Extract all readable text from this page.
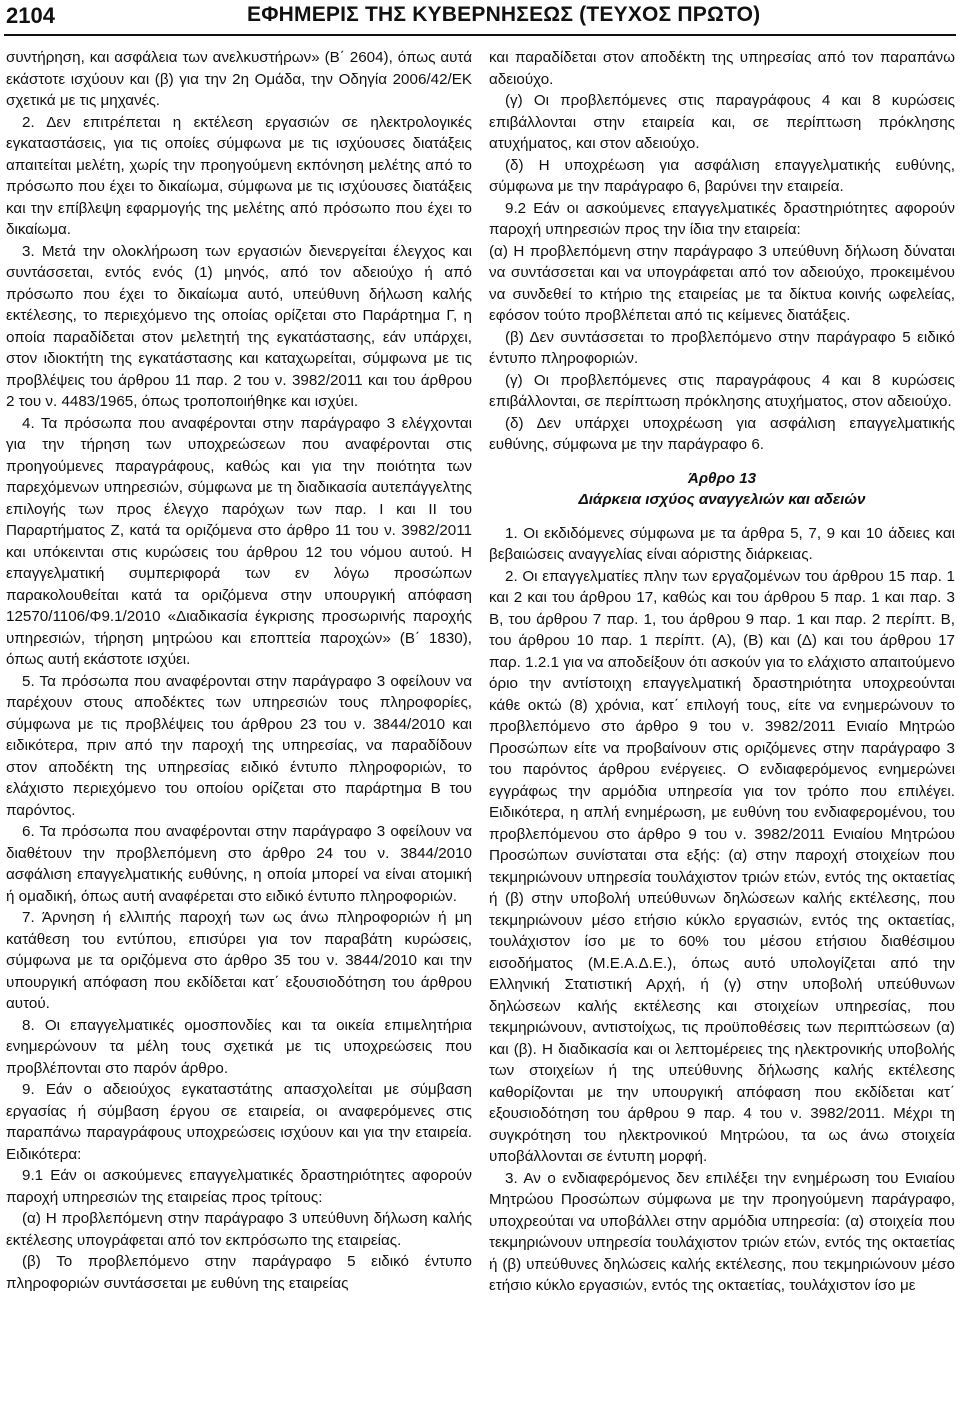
2104	ΕΦΗΜΕΡΙΣ ΤΗΣ ΚΥΒΕΡΝΗΣΕΩΣ (ΤΕΥΧΟΣ ΠΡΩΤΟ)

συντήρηση, και ασφάλεια των ανελκυστήρων» (Β΄ 2604), όπως αυτά εκάστοτε ισχύουν και (β) για την 2η Ομάδα, την Οδηγία 2006/42/ΕΚ σχετικά με τις μηχανές.

2. Δεν επιτρέπεται η εκτέλεση εργασιών σε ηλεκτρολογικές εγκαταστάσεις, για τις οποίες σύμφωνα με τις ισχύουσες διατάξεις απαιτείται μελέτη, χωρίς την προηγούμενη εκπόνηση μελέτης από το πρόσωπο που έχει το δικαίωμα, σύμφωνα με τις ισχύουσες διατάξεις και την επίβλεψη εφαρμογής της μελέτης από πρόσωπο που έχει το δικαίωμα.

3. Μετά την ολοκλήρωση των εργασιών διενεργείται έλεγχος και συντάσσεται, εντός ενός (1) μηνός, από τον αδειούχο ή από πρόσωπο που έχει το δικαίωμα αυτό, υπεύθυνη δήλωση καλής εκτέλεσης, το περιεχόμενο της οποίας ορίζεται στο Παράρτημα Γ, η οποία παραδίδεται στον μελετητή της εγκατάστασης, εάν υπάρχει, στον ιδιοκτήτη της εγκατάστασης και καταχωρείται, σύμφωνα με τις προβλέψεις του άρθρου 11 παρ. 2 του ν. 3982/2011 και του άρθρου 2 του ν. 4483/1965, όπως τροποποιήθηκε και ισχύει.

4. Τα πρόσωπα που αναφέρονται στην παράγραφο 3 ελέγχονται για την τήρηση των υποχρεώσεων που αναφέρονται στις προηγούμενες παραγράφους, καθώς και για την ποιότητα των παρεχόμενων υπηρεσιών, σύμφωνα με τη διαδικασία αυτεπάγγελτης επιλογής των προς έλεγχο παρόχων των παρ. Ι και ΙΙ του Παραρτήματος Ζ, κατά τα οριζόμενα στο άρθρο 11 του ν. 3982/2011 και υπόκεινται στις κυρώσεις του άρθρου 12 του νόμου αυτού. Η επαγγελματική συμπεριφορά των εν λόγω προσώπων παρακολουθείται κατά τα οριζόμενα στην υπουργική απόφαση 12570/1106/Φ9.1/2010 «Διαδικασία έγκρισης προσωρινής παροχής υπηρεσιών, τήρηση μητρώου και εποπτεία παροχών» (Β΄ 1830), όπως αυτή εκάστοτε ισχύει.

5. Τα πρόσωπα που αναφέρονται στην παράγραφο 3 οφείλουν να παρέχουν στους αποδέκτες των υπηρεσιών τους πληροφορίες, σύμφωνα με τις προβλέψεις του άρθρου 23 του ν. 3844/2010 και ειδικότερα, πριν από την παροχή της υπηρεσίας, να παραδίδουν στον αποδέκτη της υπηρεσίας ειδικό έντυπο πληροφοριών, το ελάχιστο περιεχόμενο του οποίου ορίζεται στο παράρτημα Β του παρόντος.

6. Τα πρόσωπα που αναφέρονται στην παράγραφο 3 οφείλουν να διαθέτουν την προβλεπόμενη στο άρθρο 24 του ν. 3844/2010 ασφάλιση επαγγελματικής ευθύνης, η οποία μπορεί να είναι ατομική ή ομαδική, όπως αυτή αναφέρεται στο ειδικό έντυπο πληροφοριών.

7. Άρνηση ή ελλιπής παροχή των ως άνω πληροφοριών ή μη κατάθεση του εντύπου, επισύρει για τον παραβάτη κυρώσεις, σύμφωνα με τα οριζόμενα στο άρθρο 35 του ν. 3844/2010 και την υπουργική απόφαση που εκδίδεται κατ΄ εξουσιοδότηση του άρθρου αυτού.

8. Οι επαγγελματικές ομοσπονδίες και τα οικεία επιμελητήρια ενημερώνουν τα μέλη τους σχετικά με τις υποχρεώσεις που προβλέπονται στο παρόν άρθρο.

9. Εάν ο αδειούχος εγκαταστάτης απασχολείται με σύμβαση εργασίας ή σύμβαση έργου σε εταιρεία, οι αναφερόμενες στις παραπάνω παραγράφους υποχρεώσεις ισχύουν και για την εταιρεία. Ειδικότερα:

9.1 Εάν οι ασκούμενες επαγγελματικές δραστηριότητες αφορούν παροχή υπηρεσιών της εταιρείας προς τρίτους:

(α) Η προβλεπόμενη στην παράγραφο 3 υπεύθυνη δήλωση καλής εκτέλεσης υπογράφεται από τον εκπρόσωπο της εταιρείας.

(β) Το προβλεπόμενο στην παράγραφο 5 ειδικό έντυπο πληροφοριών συντάσσεται με ευθύνη της εταιρείας

και παραδίδεται στον αποδέκτη της υπηρεσίας από τον παραπάνω αδειούχο.

(γ) Οι προβλεπόμενες στις παραγράφους 4 και 8 κυρώσεις επιβάλλονται στην εταιρεία και, σε περίπτωση πρόκλησης ατυχήματος, και στον αδειούχο.

(δ) Η υποχρέωση για ασφάλιση επαγγελματικής ευθύνης, σύμφωνα με την παράγραφο 6, βαρύνει την εταιρεία.

9.2 Εάν οι ασκούμενες επαγγελματικές δραστηριότητες αφορούν παροχή υπηρεσιών προς την ίδια την εταιρεία:

(α) Η προβλεπόμενη στην παράγραφο 3 υπεύθυνη δήλωση δύναται να συντάσσεται και να υπογράφεται από τον αδειούχο, προκειμένου να συνδεθεί το κτήριο της εταιρείας με τα δίκτυα κοινής ωφελείας, εφόσον τούτο προβλέπεται από τις κείμενες διατάξεις.

(β) Δεν συντάσσεται το προβλεπόμενο στην παράγραφο 5 ειδικό έντυπο πληροφοριών.

(γ) Οι προβλεπόμενες στις παραγράφους 4 και 8 κυρώσεις επιβάλλονται, σε περίπτωση πρόκλησης ατυχήματος, στον αδειούχο.

(δ) Δεν υπάρχει υποχρέωση για ασφάλιση επαγγελματικής ευθύνης, σύμφωνα με την παράγραφο 6.

Άρθρο 13

Διάρκεια ισχύος αναγγελιών και αδειών

1. Οι εκδιδόμενες σύμφωνα με τα άρθρα 5, 7, 9 και 10 άδειες και βεβαιώσεις αναγγελίας είναι αόριστης διάρκειας.

2. Οι επαγγελματίες πλην των εργαζομένων του άρθρου 15 παρ. 1 και 2 και του άρθρου 17, καθώς και του άρθρου 5 παρ. 1 και παρ. 3 Β, του άρθρου 7 παρ. 1, του άρθρου 9 παρ. 1 και παρ. 2 περίπτ. Β, του άρθρου 10 παρ. 1 περίπτ. (Α), (Β) και (Δ) και του άρθρου 17 παρ. 1.2.1 για να αποδείξουν ότι ασκούν για το ελάχιστο απαιτούμενο όριο την αντίστοιχη επαγγελματική δραστηριότητα υποχρεούνται κάθε οκτώ (8) χρόνια, κατ΄ επιλογή τους, είτε να ενημερώνουν το προβλεπόμενο στο άρθρο 9 του ν. 3982/2011 Ενιαίο Μητρώο Προσώπων είτε να προβαίνουν στις οριζόμενες στην παράγραφο 3 του παρόντος άρθρου ενέργειες. Ο ενδιαφερόμενος ενημερώνει εγγράφως την αρμόδια υπηρεσία για τον τρόπο που επιλέγει. Ειδικότερα, η απλή ενημέρωση, με ευθύνη του ενδιαφερομένου, του προβλεπόμενου στο άρθρο 9 του ν. 3982/2011 Ενιαίου Μητρώου Προσώπων συνίσταται στα εξής: (α) στην παροχή στοιχείων που τεκμηριώνουν υπηρεσία τουλάχιστον τριών ετών, εντός της οκταετίας ή (β) στην υποβολή υπεύθυνων δηλώσεων καλής εκτέλεσης, που τεκμηριώνουν μέσο ετήσιο κύκλο εργασιών, εντός της οκταετίας, τουλάχιστον ίσο με το 60% του μέσου ετήσιου διαθέσιμου εισοδήματος (Μ.Ε.Α.Δ.Ε.), όπως αυτό υπολογίζεται από την Ελληνική Στατιστική Αρχή, ή (γ) στην υποβολή υπεύθυνων δηλώσεων καλής εκτέλεσης και στοιχείων υπηρεσίας, που τεκμηριώνουν, αντιστοίχως, τις προϋποθέσεις των περιπτώσεων (α) και (β). Η διαδικασία και οι λεπτομέρειες της ηλεκτρονικής υποβολής των στοιχείων ή της υπεύθυνης δήλωσης καλής εκτέλεσης καθορίζονται με την υπουργική απόφαση που εκδίδεται κατ΄ εξουσιοδότηση του άρθρου 9 παρ. 4 του ν. 3982/2011. Μέχρι τη συγκρότηση του ηλεκτρονικού Μητρώου, τα ως άνω στοιχεία υποβάλλονται σε έντυπη μορφή.

3. Αν ο ενδιαφερόμενος δεν επιλέξει την ενημέρωση του Ενιαίου Μητρώου Προσώπων σύμφωνα με την προηγούμενη παράγραφο, υποχρεούται να υποβάλλει στην αρμόδια υπηρεσία: (α) στοιχεία που τεκμηριώνουν υπηρεσία τουλάχιστον τριών ετών, εντός της οκταετίας ή (β) υπεύθυνες δηλώσεις καλής εκτέλεσης, που τεκμηριώνουν μέσο ετήσιο κύκλο εργασιών, εντός της οκταετίας, τουλάχιστον ίσο με
